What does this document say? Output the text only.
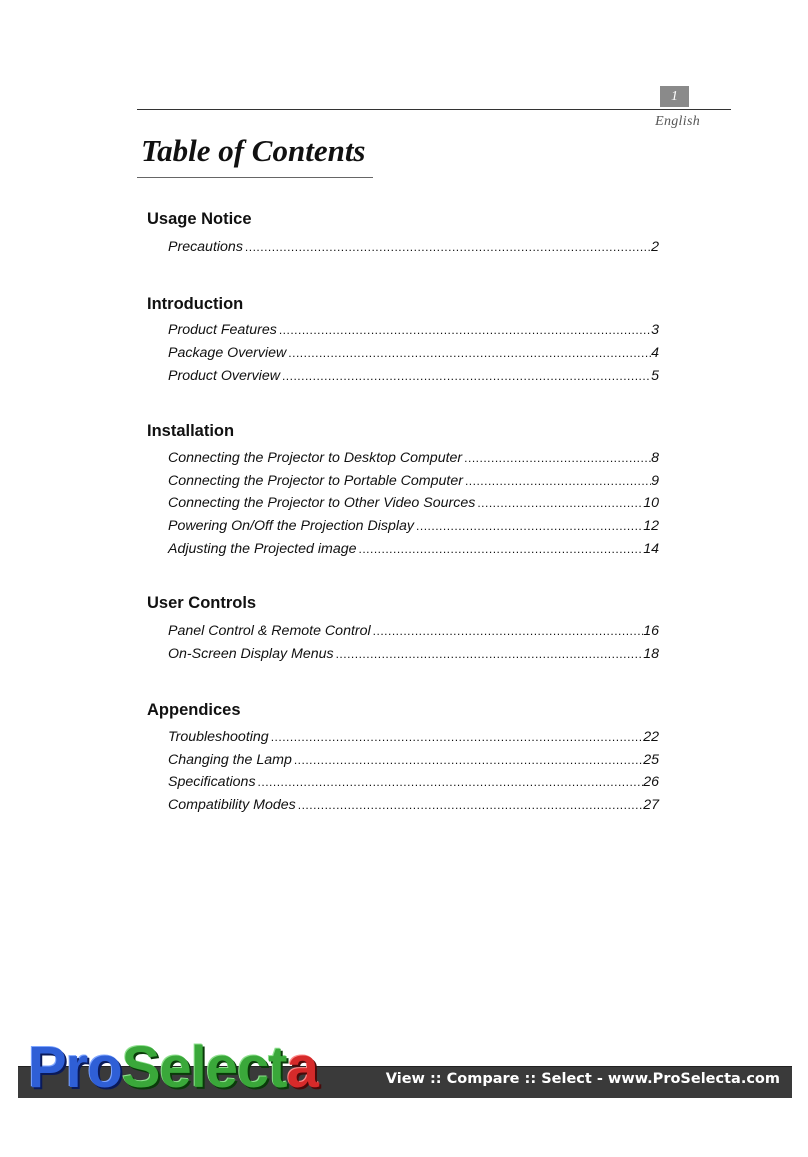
1
English
Table of Contents
Usage Notice
Precautions .....	2
Introduction
Product Features .....	3
Package Overview .....	4
Product Overview .....	5
Installation
Connecting the Projector to Desktop Computer .....	8
Connecting the Projector to Portable Computer .....	9
Connecting the Projector to Other Video Sources .....	10
Powering On/Off the Projection Display .....	12
Adjusting the Projected image .....	14
User Controls
Panel Control & Remote Control .....	16
On-Screen Display Menus .....	18
Appendices
Troubleshooting .....	22
Changing the Lamp .....	25
Specifications .....	26
Compatibility Modes .....	27
ProSelecta	View :: Compare :: Select - www.ProSelecta.com
